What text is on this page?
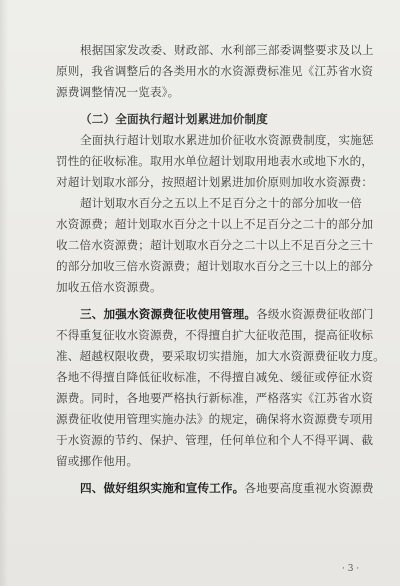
根据国家发改委、财政部、水利部三部委调整要求及以上
原则，我省调整后的各类用水的水资源费标准见《江苏省水资
源费调整情况一览表》。
（二）全面执行超计划累进加价制度
全面执行超计划取水累进加价征收水资源费制度，实施惩
罚性的征收标准。取用水单位超计划取用地表水或地下水的，
对超计划取水部分，按照超计划累进加价原则加收水资源费：
超计划取水百分之五以上不足百分之十的部分加收一倍
水资源费；超计划取水百分之十以上不足百分之二十的部分加
收二倍水资源费；超计划取水百分之二十以上不足百分之三十
的部分加收三倍水资源费；超计划取水百分之三十以上的部分
加收五倍水资源费。
三、加强水资源费征收使用管理。各级水资源费征收部门
不得重复征收水资源费，不得擅自扩大征收范围，提高征收标
准、超越权限收费，要采取切实措施，加大水资源费征收力度。
各地不得擅自降低征收标准，不得擅自减免、缓征或停征水资
源费。同时，各地要严格执行新标准，严格落实《江苏省水资
源费征收使用管理实施办法》的规定，确保将水资源费专项用
于水资源的节约、保护、管理，任何单位和个人不得平调、截
留或挪作他用。
四、做好组织实施和宣传工作。各地要高度重视水资源费
· 3 ·
